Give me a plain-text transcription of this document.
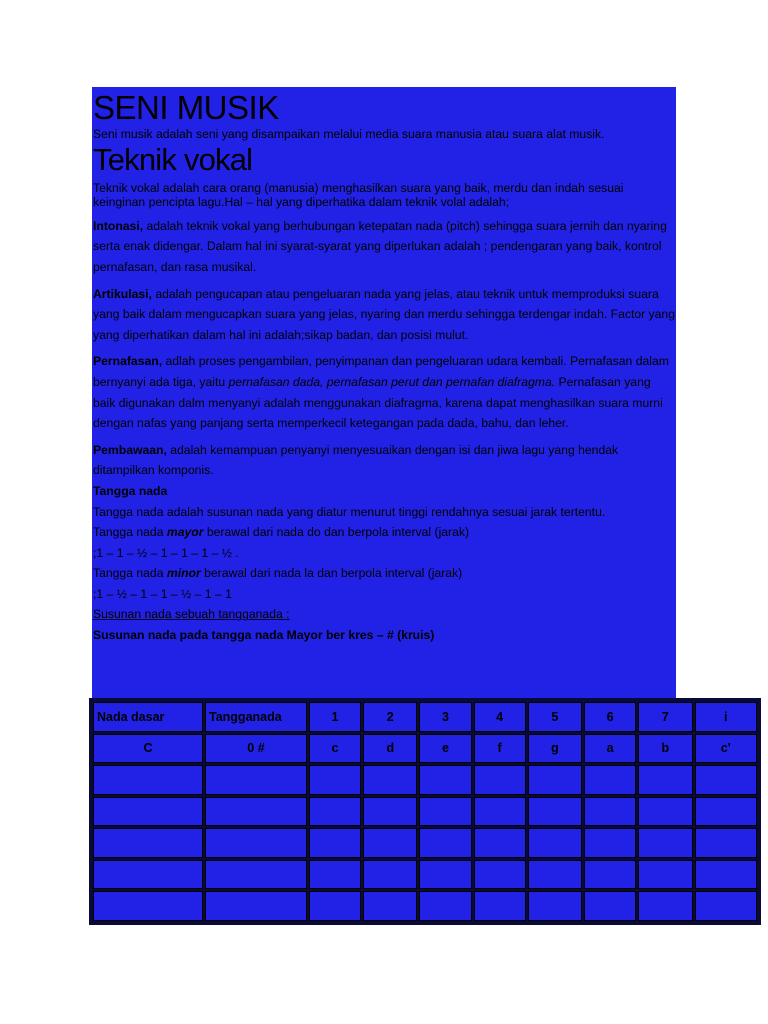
SENI MUSIK
Seni musik adalah seni yang disampaikan melalui media suara manusia atau suara alat musik.
Teknik vokal
Teknik vokal adalah cara orang (manusia) menghasilkan suara yang baik, merdu dan indah sesuai keinginan pencipta lagu.Hal – hal yang diperhatika dalam teknik volal adalah;
Intonasi, adalah teknik vokal yang berhubungan ketepatan nada (pitch) sehingga suara jernih dan nyaring serta enak didengar. Dalam hal ini syarat-syarat yang diperlukan adalah ; pendengaran yang baik, kontrol pernafasan, dan rasa musikal.
Artikulasi, adalah pengucapan atau pengeluaran nada yang jelas, atau teknik untuk memproduksi suara yang baik dalam mengucapkan suara yang jelas, nyaring dan merdu sehingga terdengar indah. Factor yang yang diperhatikan dalam hal ini adalah;sikap badan, dan posisi mulut.
Pernafasan, adlah proses pengambilan, penyimpanan dan pengeluaran udara kembali. Pernafasan dalam bernyanyi ada tiga, yaitu pernafasan dada, pernafasan perut dan pernafan diafragma. Pernafasan yang baik digunakan dalm menyanyi adalah menggunakan diafragma, karena dapat menghasilkan suara murni dengan nafas yang panjang serta memperkecil ketegangan pada dada, bahu, dan leher.
Pembawaan, adalah kemampuan penyanyi menyesuaikan dengan isi dan jiwa lagu yang hendak ditampilkan komponis.
Tangga nada
Tangga nada adalah susunan nada yang diatur menurut tinggi rendahnya sesuai jarak tertentu.
Tangga nada mayor berawal dari nada do dan berpola interval (jarak)
;1 – 1 – ½ – 1 – 1 – 1 – ½ .
Tangga nada minor berawal dari nada la dan berpola interval (jarak)
;1 – ½ – 1 – 1 – ½ – 1 – 1
Susunan nada sebuah tangganada :
Susunan nada pada tangga nada Mayor ber kres – # (kruis)
Nada dasar	Tangganada	1	2	3	4	5	6	7	i
C	0 #	c	d	e	f	g	a	b	c'
